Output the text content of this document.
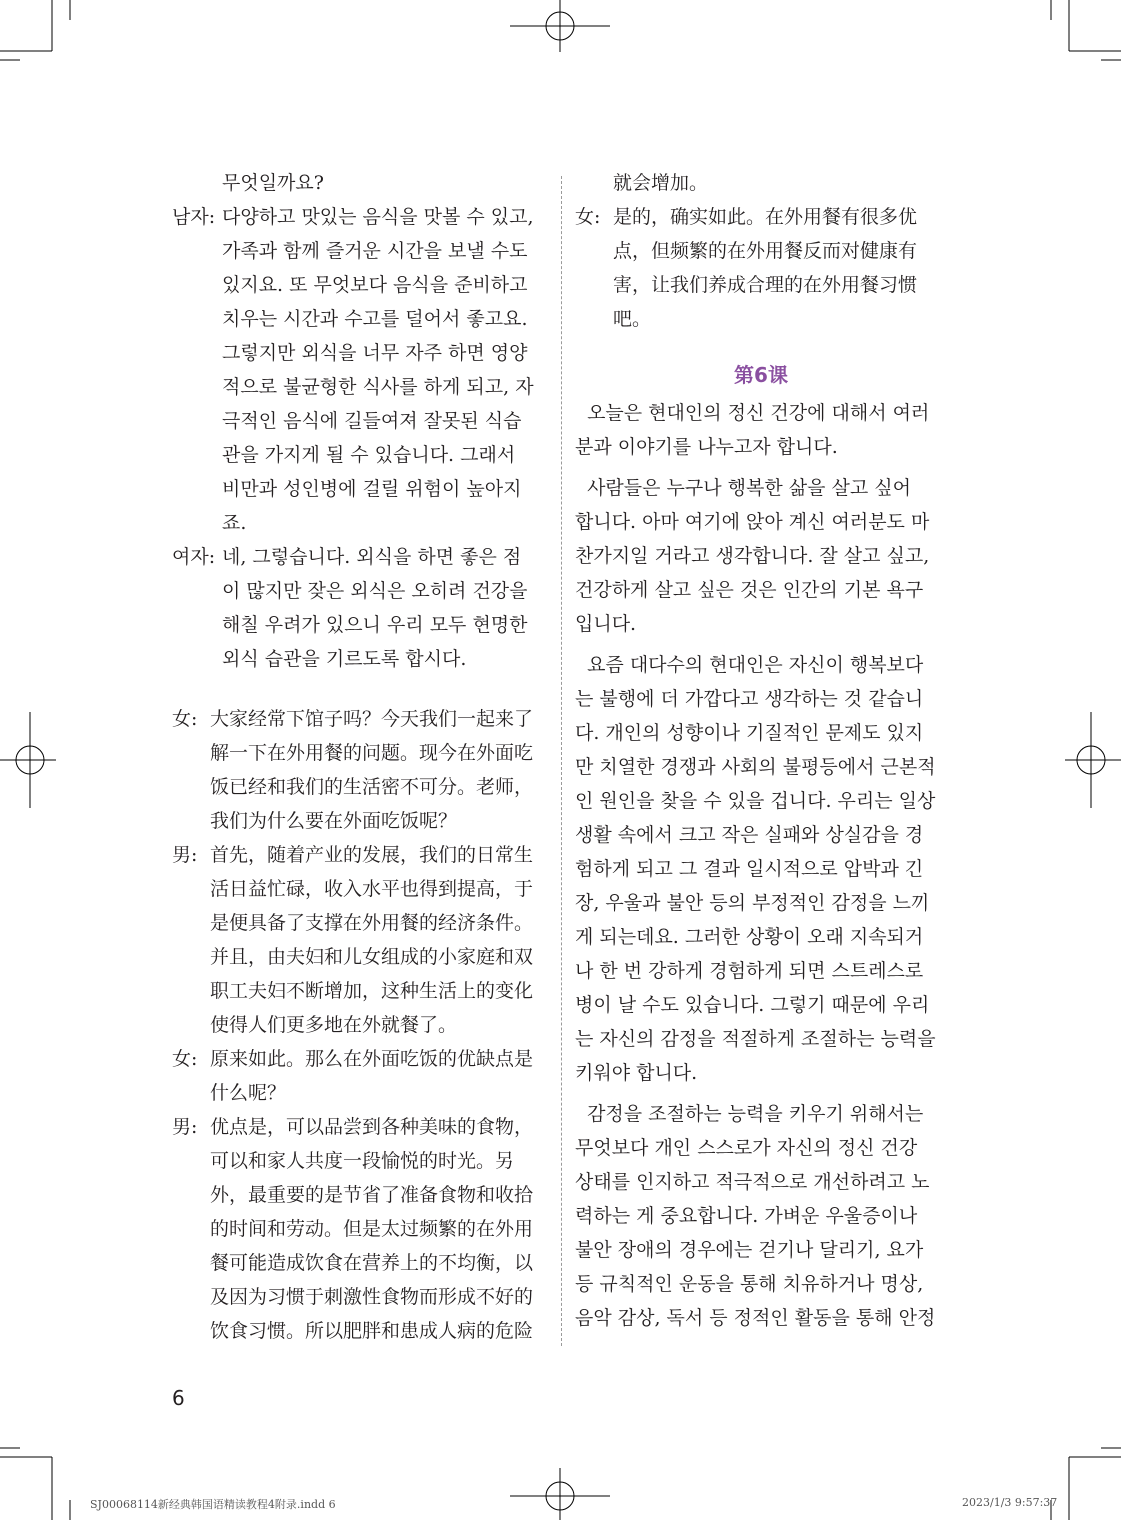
무엇일까요?
남자: 다양하고 맛있는 음식을 맛볼 수 있고,
가족과 함께 즐거운 시간을 보낼 수도
있지요. 또 무엇보다 음식을 준비하고
치우는 시간과 수고를 덜어서 좋고요.
그렇지만 외식을 너무 자주 하면 영양
적으로 불균형한 식사를 하게 되고, 자
극적인 음식에 길들여져 잘못된 식습
관을 가지게 될 수 있습니다. 그래서
비만과 성인병에 걸릴 위험이 높아지
죠.
여자: 네, 그렇습니다. 외식을 하면 좋은 점
이 많지만 잦은 외식은 오히려 건강을
해칠 우려가 있으니 우리 모두 현명한
외식 습관을 기르도록 합시다.
女: 大家经常下馆子吗？今天我们一起来了
解一下在外用餐的问题。现今在外面吃
饭已经和我们的生活密不可分。老师，
我们为什么要在外面吃饭呢？
男: 首先，随着产业的发展，我们的日常生
活日益忙碌，收入水平也得到提高，于
是便具备了支撑在外用餐的经济条件。
并且，由夫妇和儿女组成的小家庭和双
职工夫妇不断增加，这种生活上的变化
使得人们更多地在外就餐了。
女: 原来如此。那么在外面吃饭的优缺点是
什么呢？
男: 优点是，可以品尝到各种美味的食物，
可以和家人共度一段愉悦的时光。另
外，最重要的是节省了准备食物和收拾
的时间和劳动。但是太过频繁的在外用
餐可能造成饮食在营养上的不均衡，以
及因为习惯于刺激性食物而形成不好的
饮食习惯。所以肥胖和患成人病的危险
就会增加。
女: 是的，确实如此。在外用餐有很多优
点，但频繁的在外用餐反而对健康有
害，让我们养成合理的在外用餐习惯
吧。
第6课
오늘은 현대인의 정신 건강에 대해서 여러
분과 이야기를 나누고자 합니다.
사람들은 누구나 행복한 삶을 살고 싶어
합니다. 아마 여기에 앉아 계신 여러분도 마
찬가지일 거라고 생각합니다. 잘 살고 싶고,
건강하게 살고 싶은 것은 인간의 기본 욕구
입니다.
요즘 대다수의 현대인은 자신이 행복보다
는 불행에 더 가깝다고 생각하는 것 같습니
다. 개인의 성향이나 기질적인 문제도 있지
만 치열한 경쟁과 사회의 불평등에서 근본적
인 원인을 찾을 수 있을 겁니다. 우리는 일상
생활 속에서 크고 작은 실패와 상실감을 경
험하게 되고 그 결과 일시적으로 압박과 긴
장, 우울과 불안 등의 부정적인 감정을 느끼
게 되는데요. 그러한 상황이 오래 지속되거
나 한 번 강하게 경험하게 되면 스트레스로
병이 날 수도 있습니다. 그렇기 때문에 우리
는 자신의 감정을 적절하게 조절하는 능력을
키워야 합니다.
감정을 조절하는 능력을 키우기 위해서는
무엇보다 개인 스스로가 자신의 정신 건강
상태를 인지하고 적극적으로 개선하려고 노
력하는 게 중요합니다. 가벼운 우울증이나
불안 장애의 경우에는 걷기나 달리기, 요가
등 규칙적인 운동을 통해 치유하거나 명상,
음악 감상, 독서 등 정적인 활동을 통해 안정
6
SJ00068114新经典韩国语精读教程4附录.indd 6	2023/1/3 9:57:37
